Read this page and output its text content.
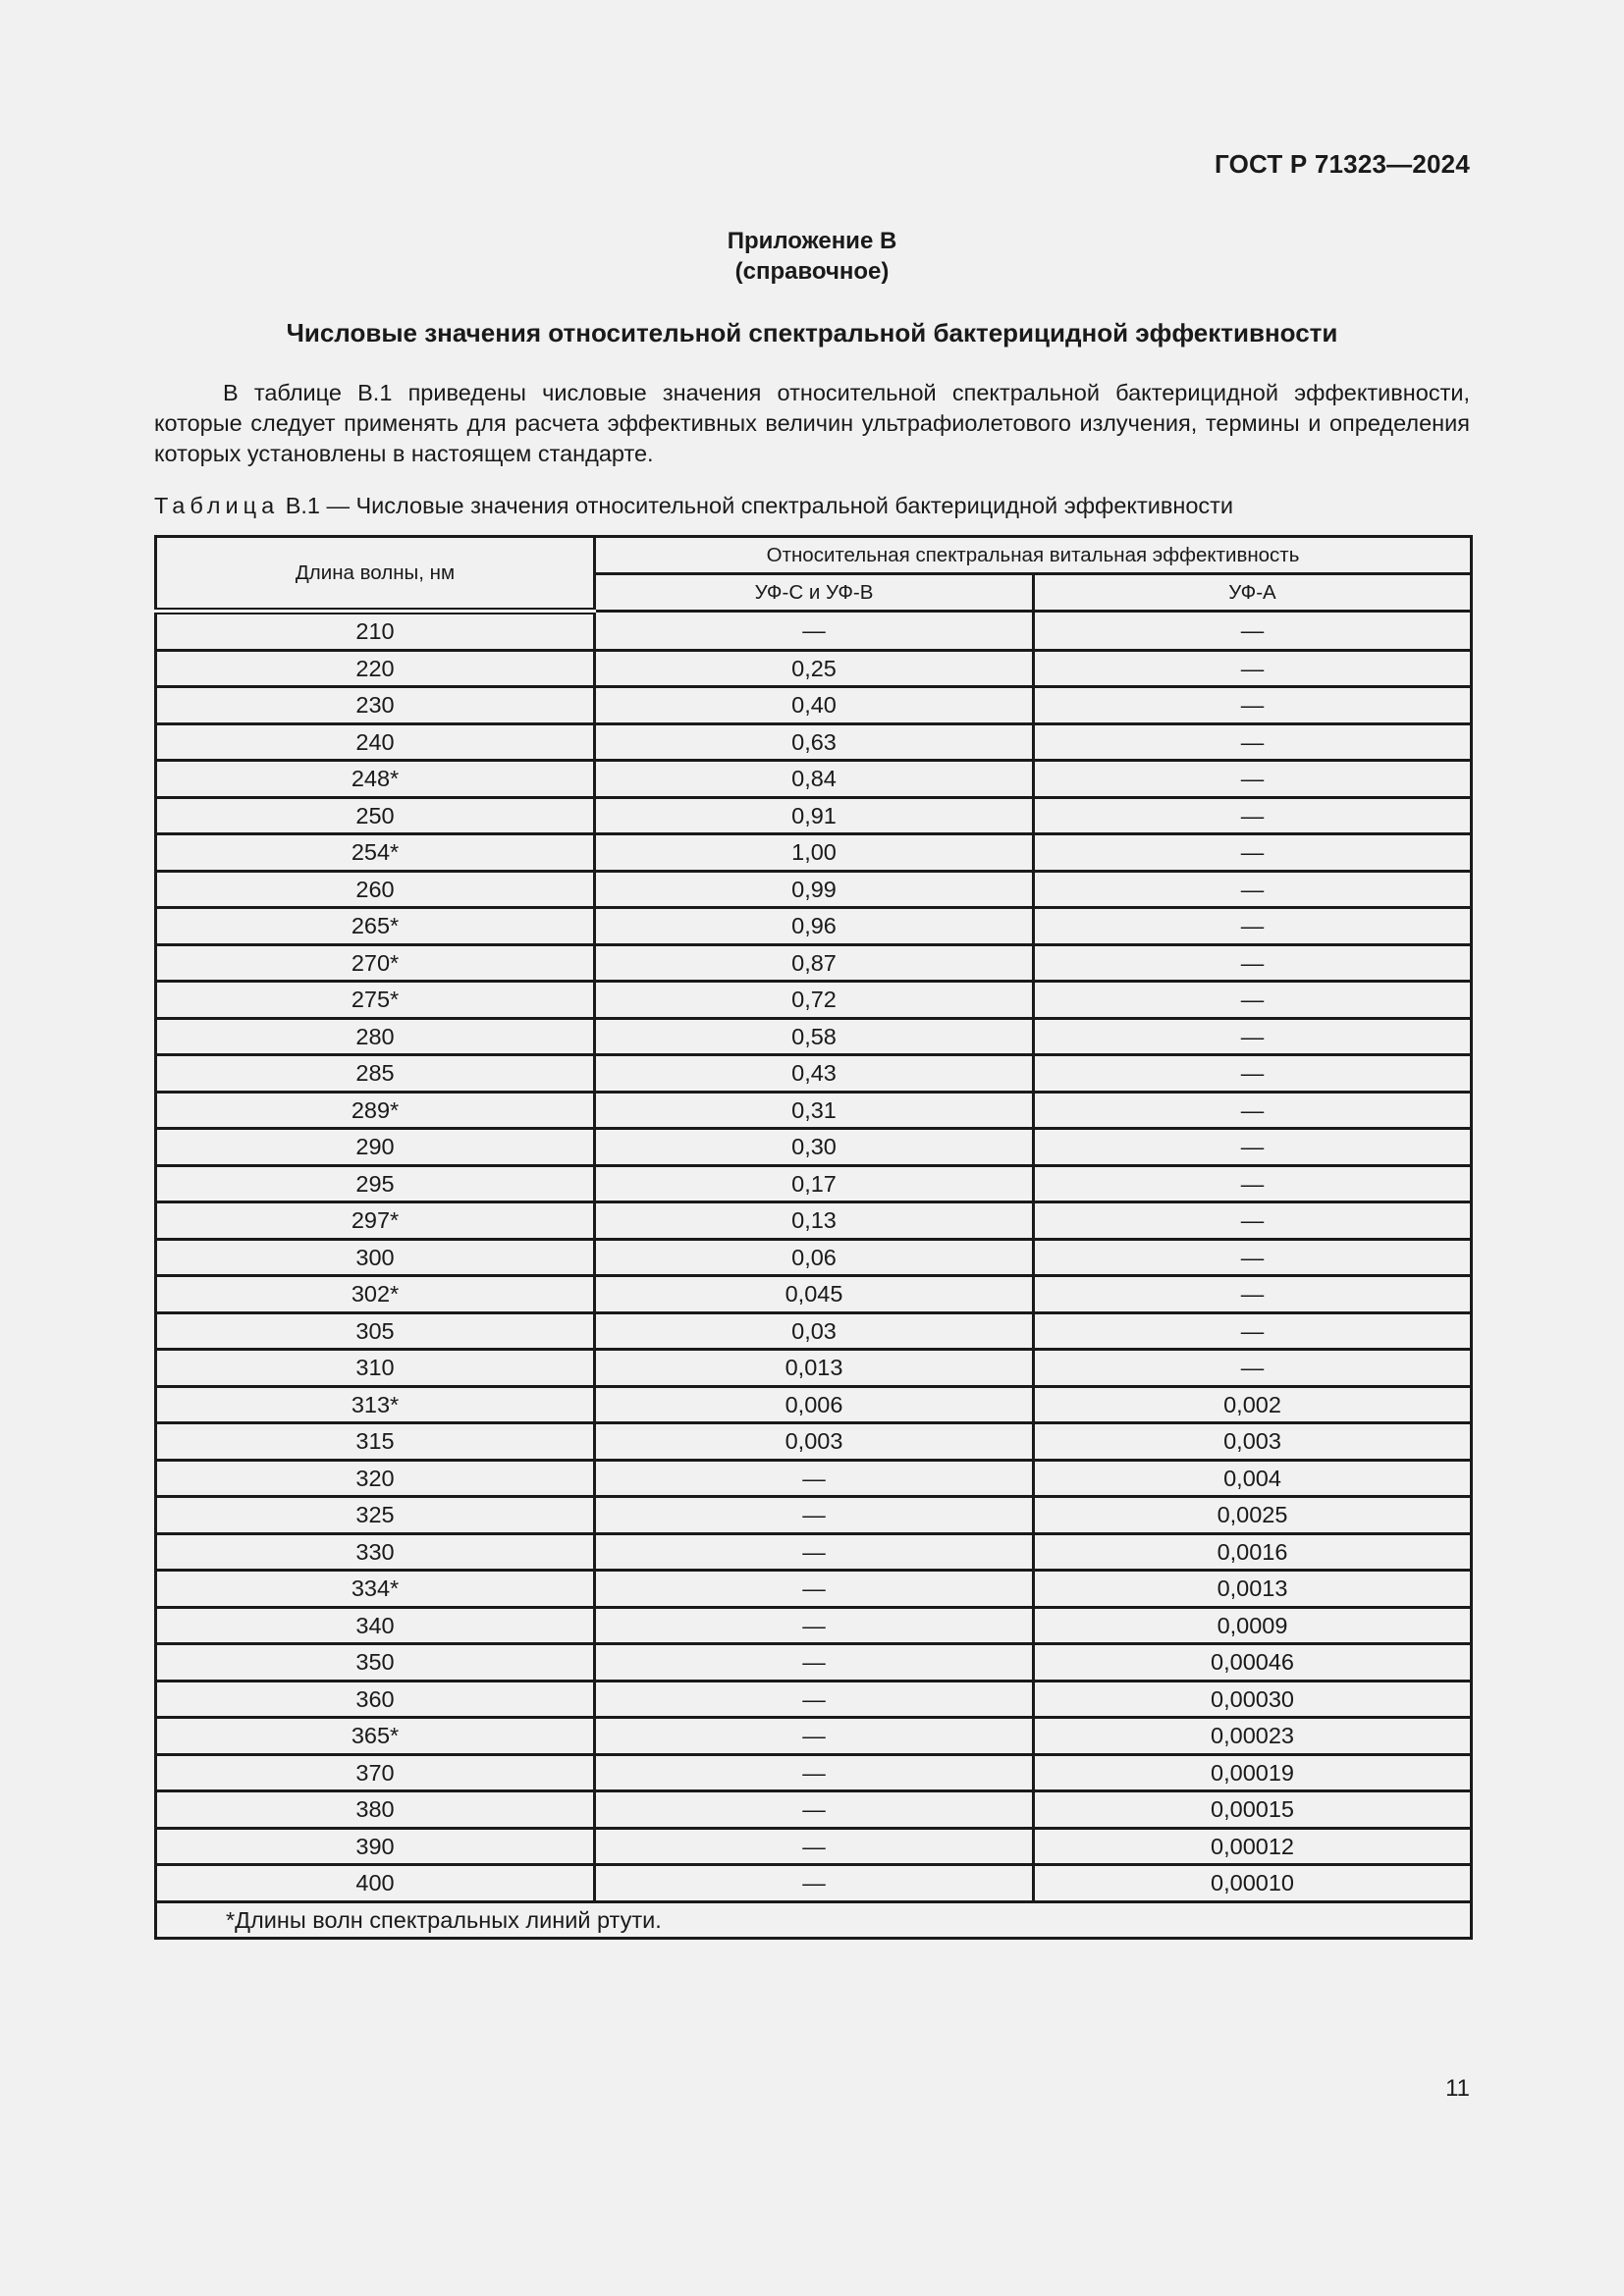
ГОСТ Р 71323—2024
Приложение В
(справочное)
Числовые значения относительной спектральной бактерицидной эффективности

В таблице В.1 приведены числовые значения относительной спектральной бактерицидной эффективности, которые следует применять для расчета эффективных величин ультрафиолетового излучения, термины и определения которых установлены в настоящем стандарте.

Таблица В.1 — Числовые значения относительной спектральной бактерицидной эффективности
Длина волны, нм	Относительная спектральная витальная эффективность	
	УФ-С и УФ-В	УФ-А
210	—	—
220	0,25	—
230	0,40	—
240	0,63	—
248*	0,84	—
250	0,91	—
254*	1,00	—
260	0,99	—
265*	0,96	—
270*	0,87	—
275*	0,72	—
280	0,58	—
285	0,43	—
289*	0,31	—
290	0,30	—
295	0,17	—
297*	0,13	—
300	0,06	—
302*	0,045	—
305	0,03	—
310	0,013	—
313*	0,006	0,002
315	0,003	0,003
320	—	0,004
325	—	0,0025
330	—	0,0016
334*	—	0,0013
340	—	0,0009
350	—	0,00046
360	—	0,00030
365*	—	0,00023
370	—	0,00019
380	—	0,00015
390	—	0,00012
400	—	0,00010
*Длины волн спектральных линий ртути.		
11
